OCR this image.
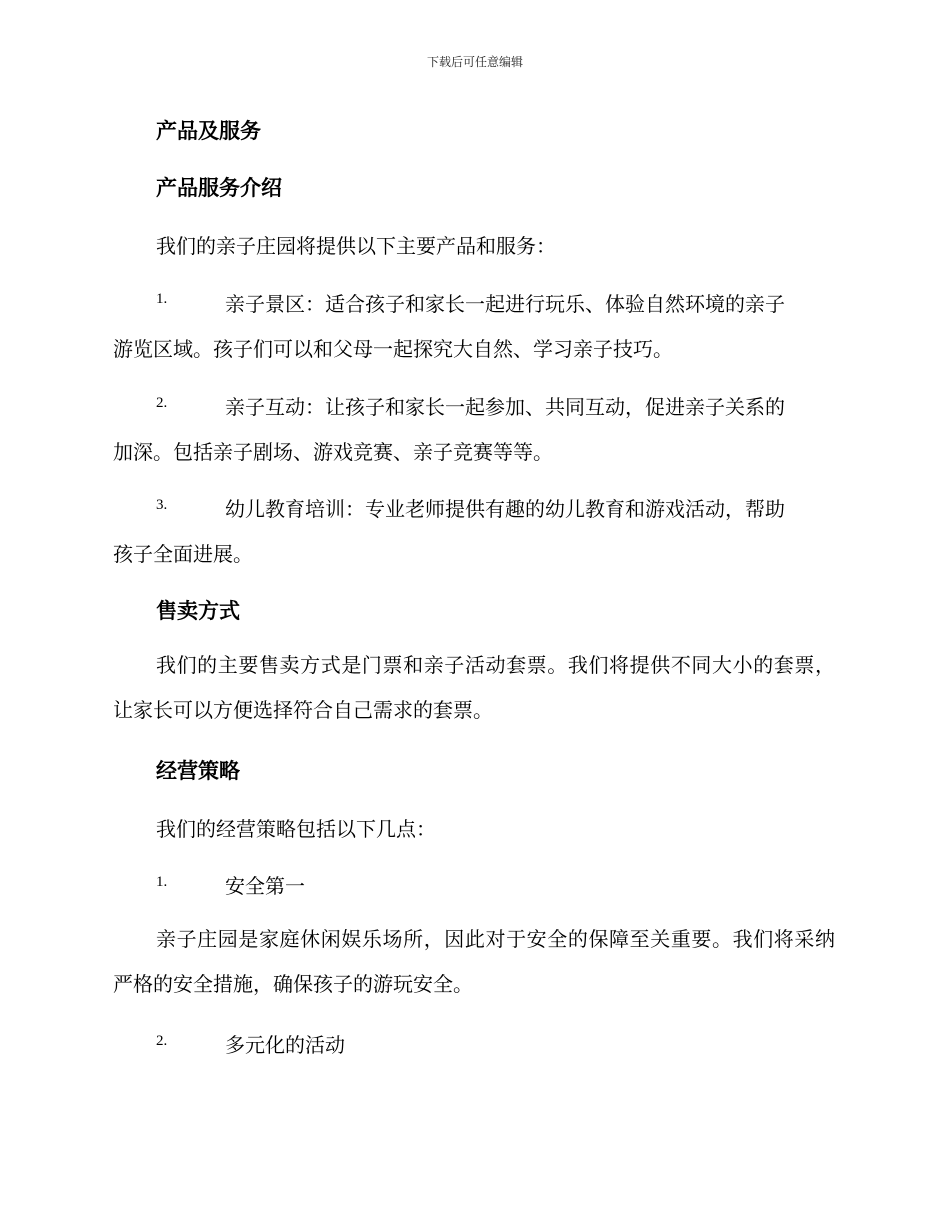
下载后可任意编辑
产品及服务
产品服务介绍
我们的亲子庄园将提供以下主要产品和服务：
1.	亲子景区：适合孩子和家长一起进行玩乐、体验自然环境的亲子
游览区域。孩子们可以和父母一起探究大自然、学习亲子技巧。
2.	亲子互动：让孩子和家长一起参加、共同互动，促进亲子关系的
加深。包括亲子剧场、游戏竞赛、亲子竞赛等等。
3.	幼儿教育培训：专业老师提供有趣的幼儿教育和游戏活动，帮助
孩子全面进展。
售卖方式
我们的主要售卖方式是门票和亲子活动套票。我们将提供不同大小的套票，让家长可以方便选择符合自己需求的套票。
经营策略
我们的经营策略包括以下几点：
1.	安全第一
亲子庄园是家庭休闲娱乐场所，因此对于安全的保障至关重要。我们将采纳严格的安全措施，确保孩子的游玩安全。
2.	多元化的活动
